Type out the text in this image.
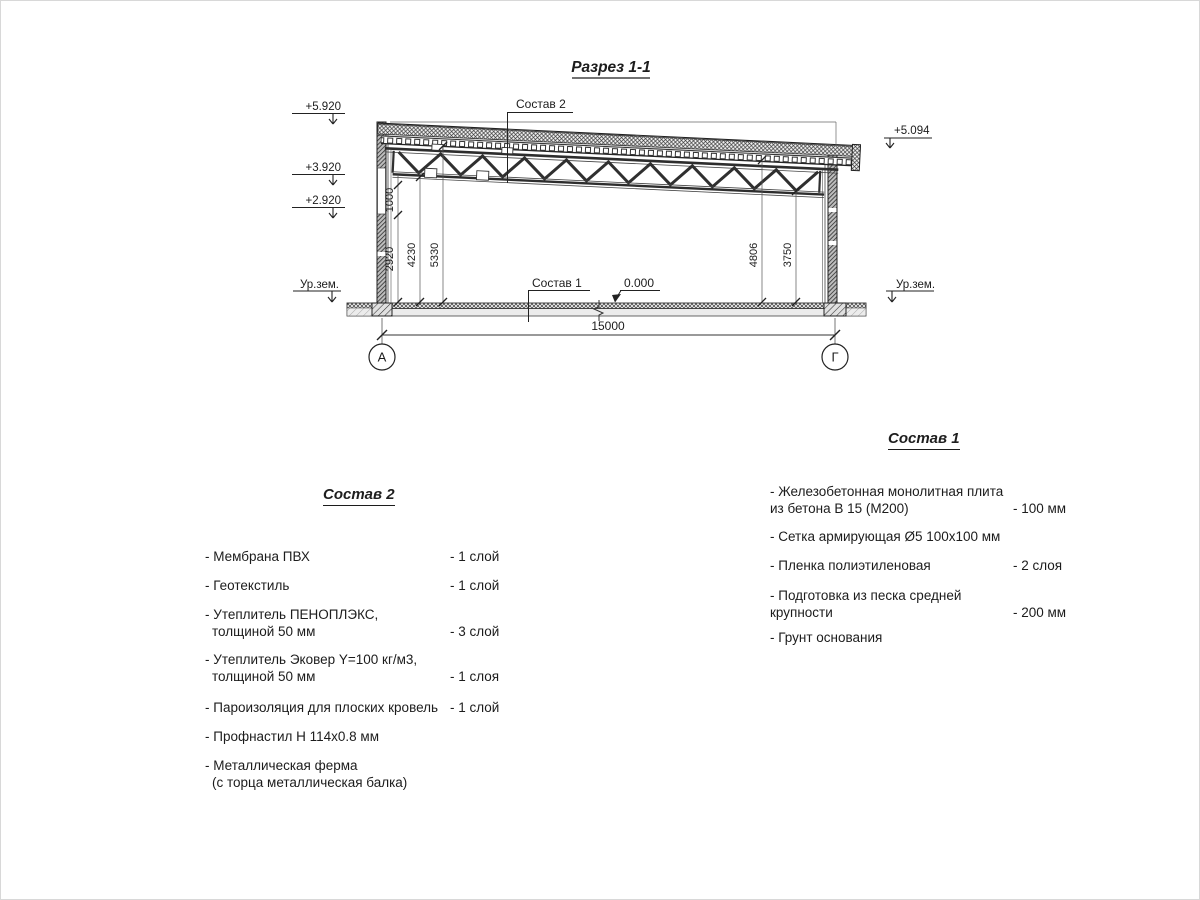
Разрез 1-1
1000
2920 4230 5330	4806 3750
+5.920
+3.920
+2.920
Ур.зем.
+5.094
Ур.зем.
0.000
Состав 2
Состав 1
15000
А	Г
Состав 1
- Железобетонная монолитная плита
из бетона В 15 (М200)	- 100 мм
- Сетка армирующая Ø5 100х100 мм
- Пленка полиэтиленовая	- 2 слоя
- Подготовка из песка средней
крупности	- 200 мм
- Грунт основания
Состав 2
- Мембрана ПВХ	- 1 слой
- Геотекстиль	- 1 слой
- Утеплитель ПЕНОПЛЭКС,
толщиной 50 мм	- 3 слой
- Утеплитель Эковер Y=100 кг/м3,
толщиной 50 мм	- 1 слоя
- Пароизоляция для плоских кровель - 1 слой
- Профнастил Н 114х0.8 мм
- Металлическая ферма
(с торца металлическая балка)
